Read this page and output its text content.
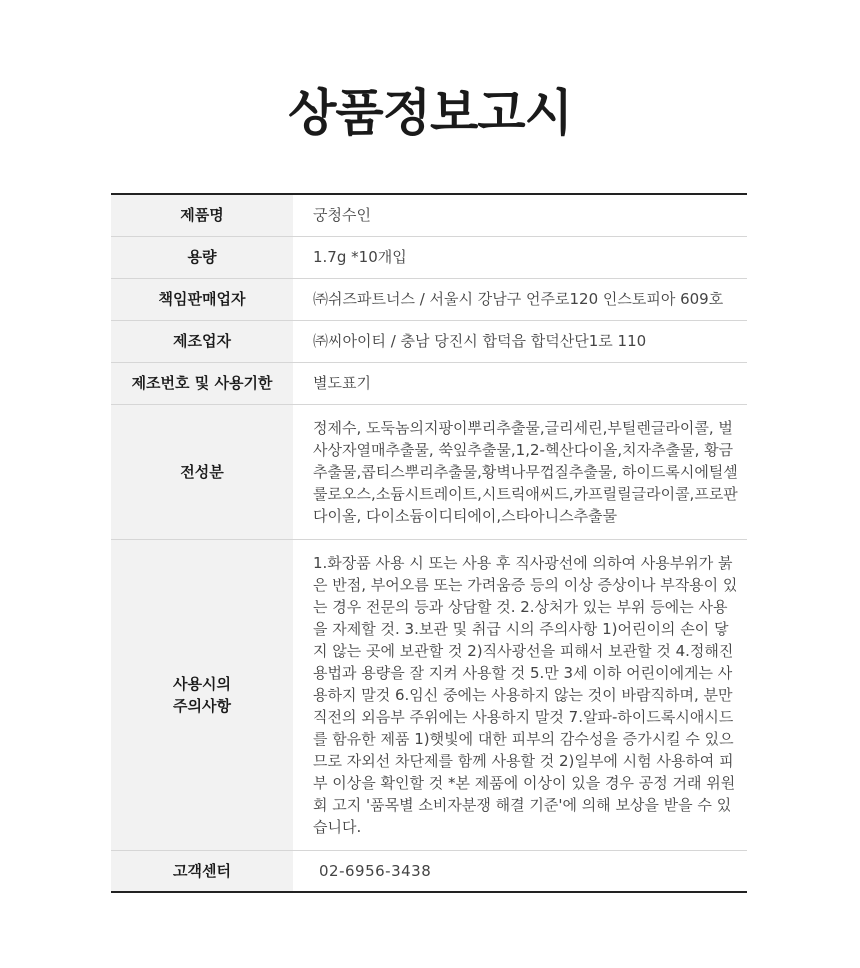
상품정보고시
제품명	궁청수인
용량	1.7g *10개입
책임판매업자	㈜쉬즈파트너스 / 서울시 강남구 언주로120 인스토피아 609호
제조업자	㈜씨아이티 / 충남 당진시 합덕읍 합덕산단1로 110
제조번호 및 사용기한	별도표기
전성분	정제수, 도둑놈의지팡이뿌리추출물,글리세린,부틸렌글라이콜, 벌사상자열매추출물, 쑥잎추출물,1,2-헥산다이올,치자추출물, 황금추출물,콥티스뿌리추출물,황벽나무껍질추출물, 하이드록시에틸셀룰로오스,소듐시트레이트,시트릭애씨드,카프릴릴글라이콜,프로판다이올, 다이소듐이디티에이,스타아니스추출물

사용시의
주의사항	1.화장품 사용 시 또는 사용 후 직사광선에 의하여 사용부위가 붉은 반점, 부어오름 또는 가려움증 등의 이상 증상이나 부작용이 있는 경우 전문의 등과 상담할 것. 2.상처가 있는 부위 등에는 사용을 자제할 것. 3.보관 및 취급 시의 주의사항 1)어린이의 손이 닿지 않는 곳에 보관할 것 2)직사광선을 피해서 보관할 것 4.정해진 용법과 용량을 잘 지켜 사용할 것 5.만 3세 이하 어린이에게는 사용하지 말것 6.임신 중에는 사용하지 않는 것이 바람직하며, 분만 직전의 외음부 주위에는 사용하지 말것 7.알파-하이드록시애시드를 함유한 제품 1)햇빛에 대한 피부의 감수성을 증가시킬 수 있으므로 자외선 차단제를 함께 사용할 것 2)일부에 시험 사용하여 피부 이상을 확인할 것 *본 제품에 이상이 있을 경우 공정 거래 위원회 고지 '품목별 소비자분쟁 해결 기준'에 의해 보상을 받을 수 있습니다.
고객센터	02-6956-3438
